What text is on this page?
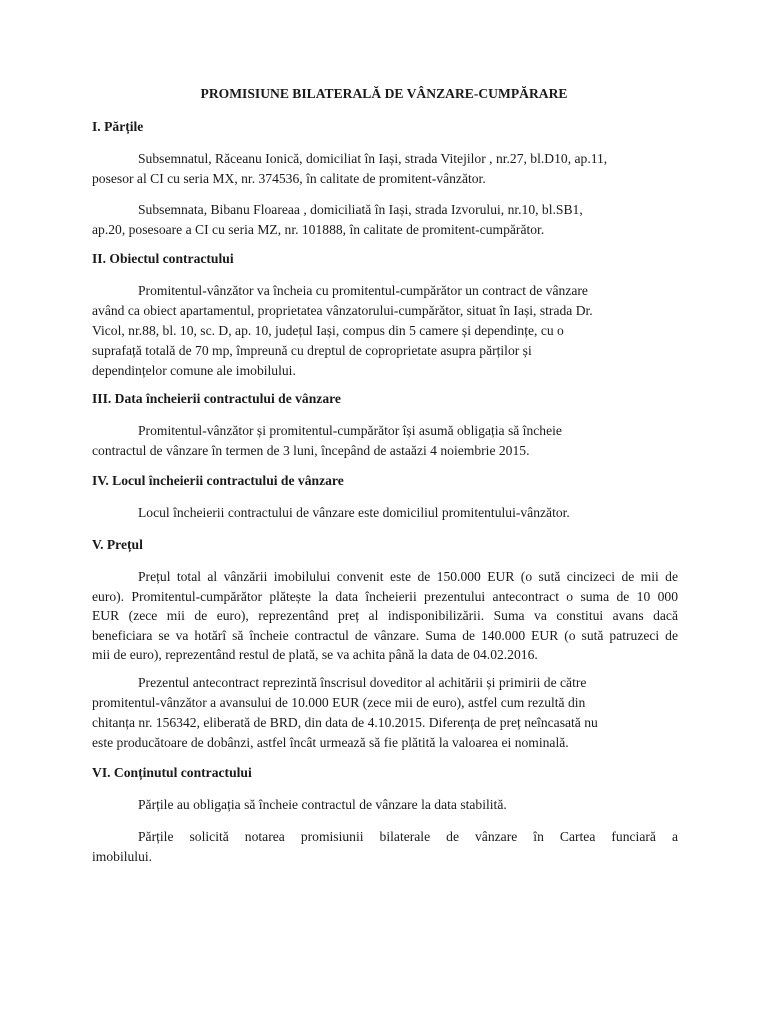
PROMISIUNE BILATERALĂ DE VÂNZARE-CUMPĂRARE
I. Părțile

Subsemnatul, Răceanu Ionică, domiciliat în Iași, strada Vitejilor , nr.27, bl.D10, ap.11,
posesor al CI cu seria MX, nr. 374536, în calitate de promitent-vânzător.

Subsemnata, Bibanu Floareaa , domiciliată în Iași, strada Izvorului, nr.10, bl.SB1,
ap.20, posesoare a CI cu seria MZ, nr. 101888, în calitate de promitent-cumpărător.

II. Obiectul contractului

Promitentul-vânzător va încheia cu promitentul-cumpărător un contract de vânzare
având ca obiect apartamentul, proprietatea vânzatorului-cumpărător, situat în Iași, strada Dr.
Vicol, nr.88, bl. 10, sc. D, ap. 10, județul Iași, compus din 5 camere și dependințe, cu o
suprafață totală de 70 mp, împreună cu dreptul de coproprietate asupra părților și
dependințelor comune ale imobilului.

III. Data încheierii contractului de vânzare

Promitentul-vânzător și promitentul-cumpărător își asumă obligația să încheie
contractul de vânzare în termen de 3 luni, începând de astaăzi 4 noiembrie 2015.

IV. Locul încheierii contractului de vânzare

Locul încheierii contractului de vânzare este domiciliul promitentului-vânzător.

V. Prețul

Prețul total al vânzării imobilului convenit este de 150.000 EUR (o sută cincizeci de mii de
euro). Promitentul-cumpărător plătește la data încheierii prezentului antecontract o suma de 10 000
EUR (zece mii de euro), reprezentând preț al indisponibilizării. Suma va constitui avans dacă
beneficiara se va hotărî să încheie contractul de vânzare. Suma de 140.000 EUR (o sută patruzeci de
mii de euro), reprezentând restul de plată, se va achita până la data de 04.02.2016.

Prezentul antecontract reprezintă înscrisul doveditor al achitării și primirii de către
promitentul-vânzător a avansului de 10.000 EUR (zece mii de euro), astfel cum rezultă din
chitanța nr. 156342, eliberată de BRD, din data de 4.10.2015. Diferența de preț neîncasată nu
este producătoare de dobânzi, astfel încât urmează să fie plătită la valoarea ei nominală.

VI. Conținutul contractului

Părțile au obligația să încheie contractul de vânzare la data stabilită.

Părțile solicită notarea promisiunii bilaterale de vânzare în Cartea funciară a
imobilului.
